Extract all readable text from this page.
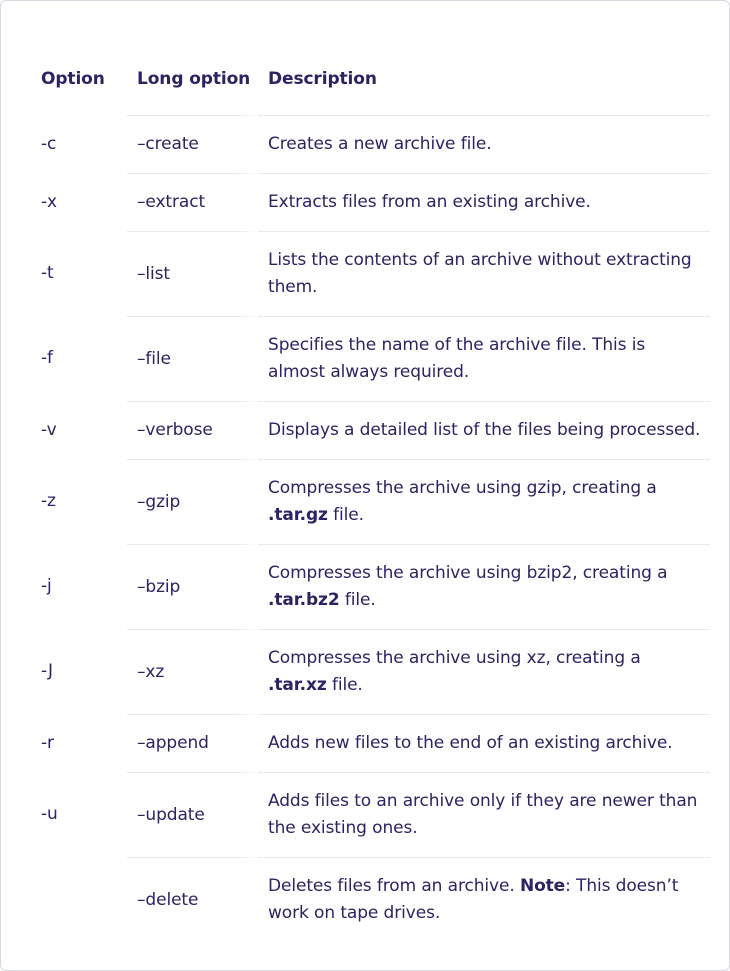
Option	Long option	Description
-c	–create	Creates a new archive file.
-x	–extract	Extracts files from an existing archive.
-t	–list	Lists the contents of an archive without extracting them.
-f	–file	Specifies the name of the archive file. This is almost always required.
-v	–verbose	Displays a detailed list of the files being processed.
-z	–gzip	Compresses the archive using gzip, creating a .tar.gz file.
-j	–bzip	Compresses the archive using bzip2, creating a .tar.bz2 file.
-J	–xz	Compresses the archive using xz, creating a .tar.xz file.
-r	–append	Adds new files to the end of an existing archive.
-u	–update	Adds files to an archive only if they are newer than the existing ones.
	–delete	Deletes files from an archive. Note: This doesn’t work on tape drives.
